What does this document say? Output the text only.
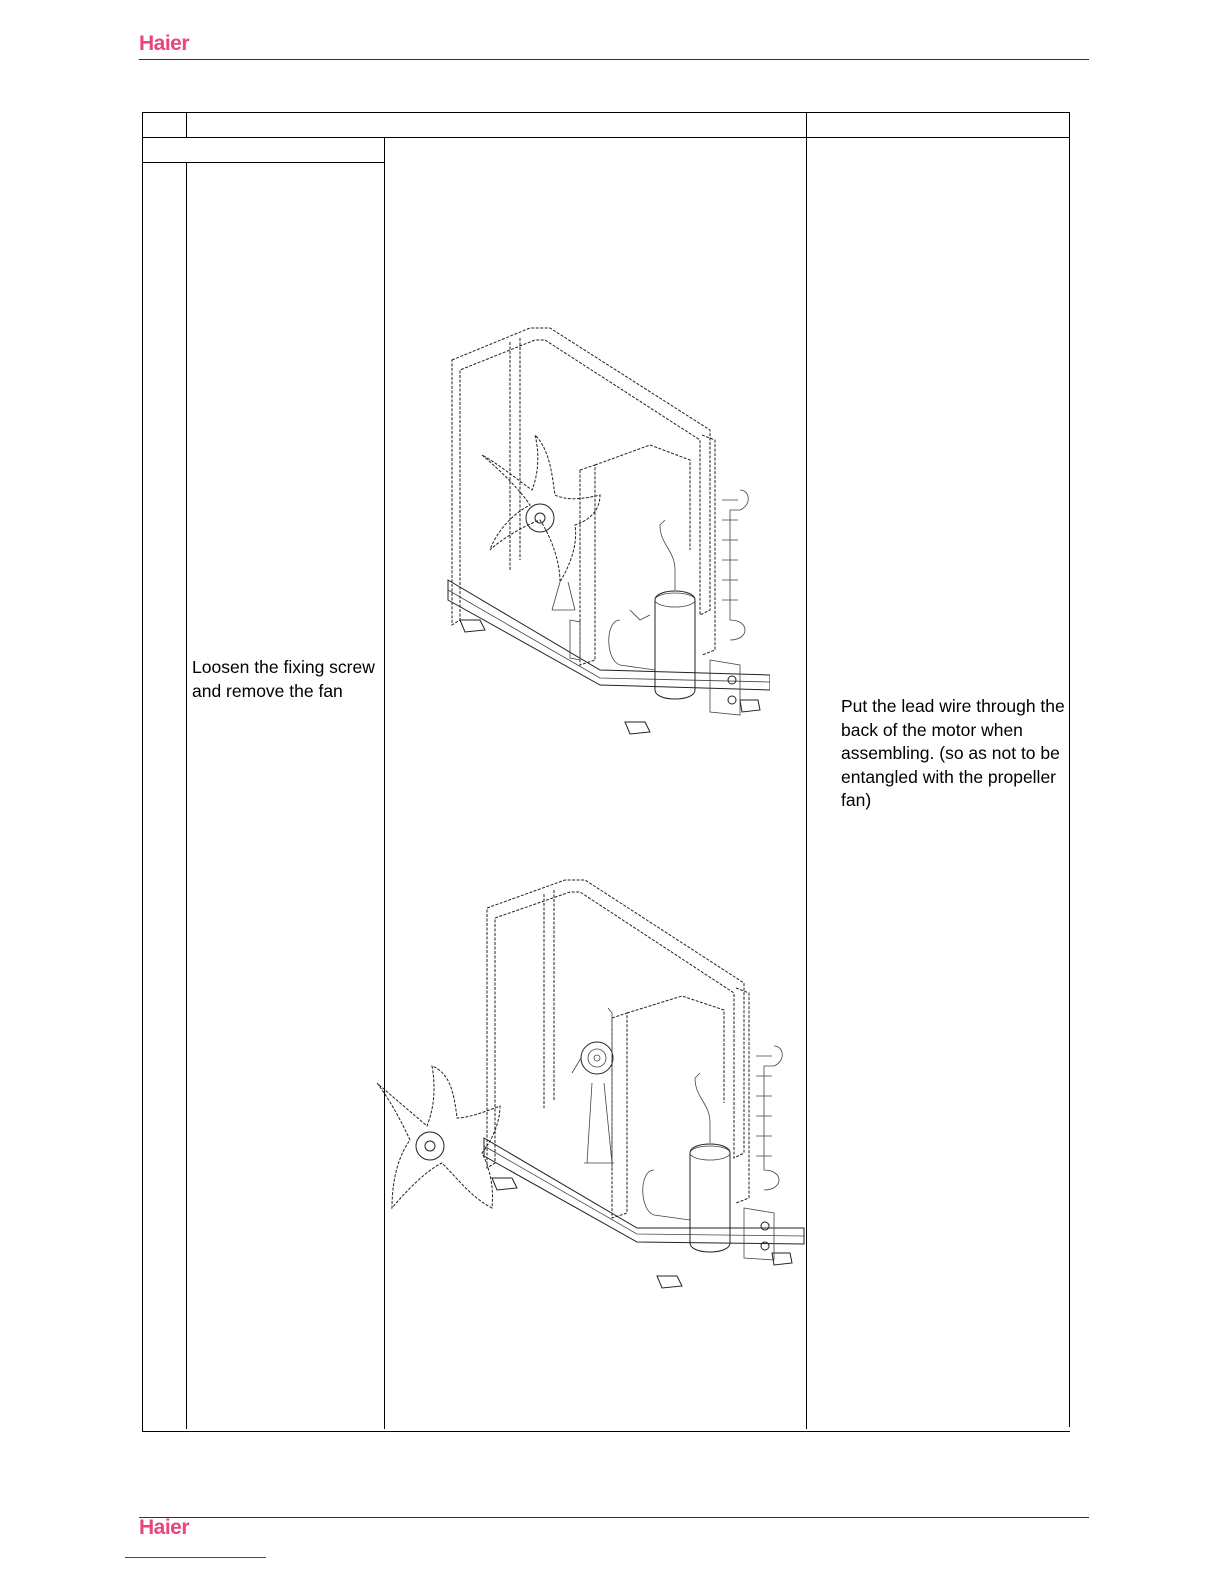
Haier
Loosen the fixing screw and remove the fan
Put the lead wire through the back of the motor when assembling. (so as not to be entangled with the propeller fan)
Haier
